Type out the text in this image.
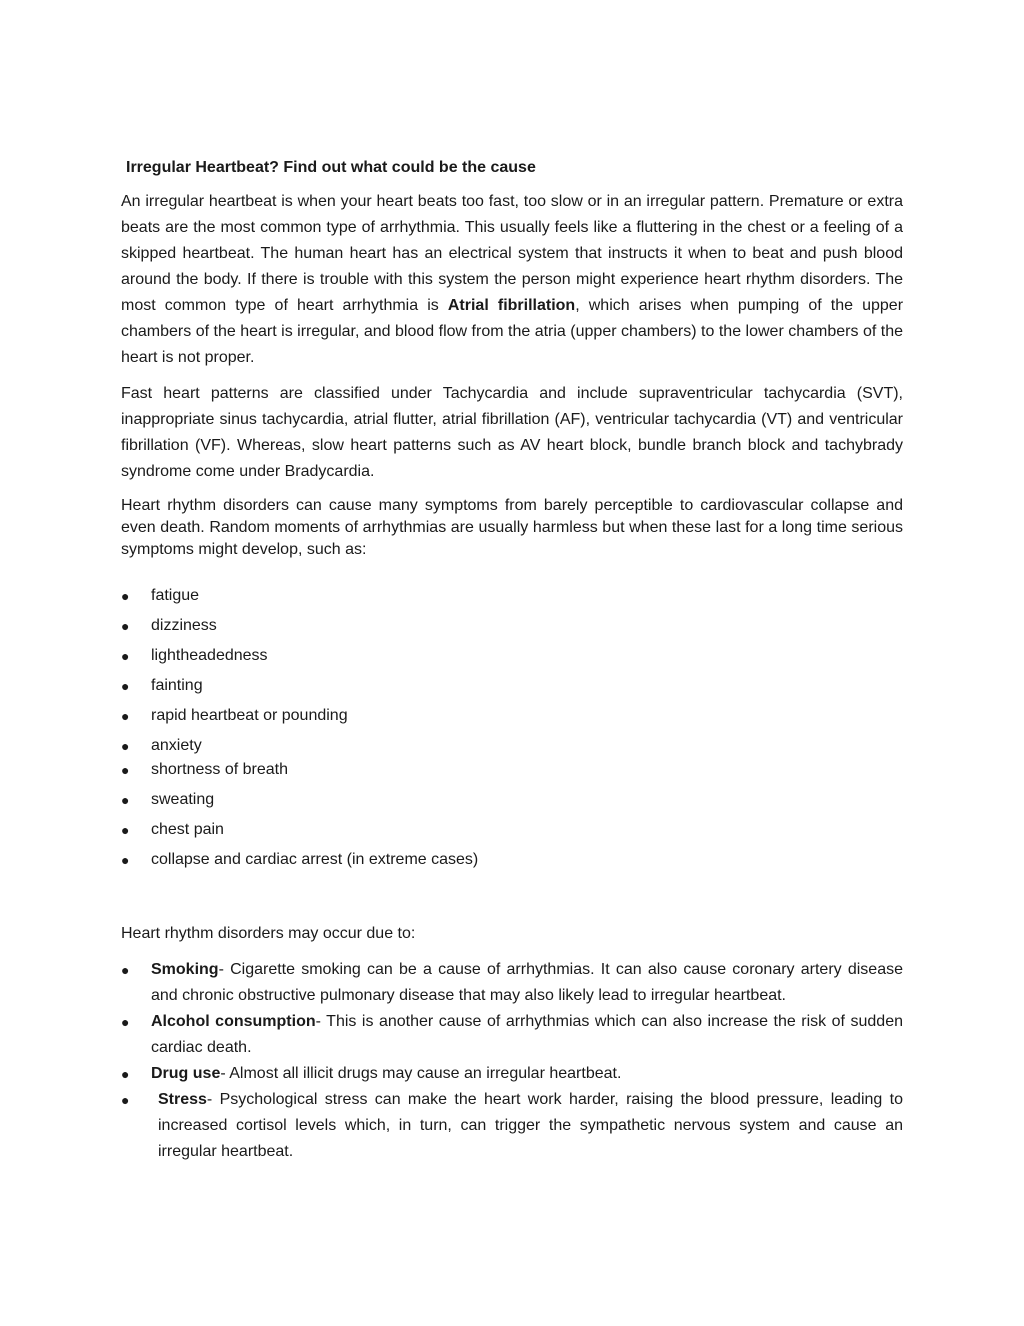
Irregular Heartbeat? Find out what could be the cause

An irregular heartbeat is when your heart beats too fast, too slow or in an irregular pattern. Premature or extra beats are the most common type of arrhythmia. This usually feels like a fluttering in the chest or a feeling of a skipped heartbeat. The human heart has an electrical system that instructs it when to beat and push blood around the body. If there is trouble with this system the person might experience heart rhythm disorders. The most common type of heart arrhythmia is Atrial fibrillation, which arises when pumping of the upper chambers of the heart is irregular, and blood flow from the atria (upper chambers) to the lower chambers of the heart is not proper.

Fast heart patterns are classified under Tachycardia and include supraventricular tachycardia (SVT), inappropriate sinus tachycardia, atrial flutter, atrial fibrillation (AF), ventricular tachycardia (VT) and ventricular fibrillation (VF). Whereas, slow heart patterns such as AV heart block, bundle branch block and tachybrady syndrome come under Bradycardia.

Heart rhythm disorders can cause many symptoms from barely perceptible to cardiovascular collapse and even death. Random moments of arrhythmias are usually harmless but when these last for a long time serious symptoms might develop, such as:

●	fatigue
●	dizziness
●	lightheadedness
●	fainting
●	rapid heartbeat or pounding
●	anxiety
●	shortness of breath
●	sweating
●	chest pain
●	collapse and cardiac arrest (in extreme cases)

Heart rhythm disorders may occur due to:

●	Smoking- Cigarette smoking can be a cause of arrhythmias. It can also cause coronary artery disease and chronic obstructive pulmonary disease that may also likely lead to irregular heartbeat.
●	Alcohol consumption- This is another cause of arrhythmias which can also increase the risk of sudden cardiac death.
●	Drug use- Almost all illicit drugs may cause an irregular heartbeat.
●	Stress- Psychological stress can make the heart work harder, raising the blood pressure, leading to increased cortisol levels which, in turn, can trigger the sympathetic nervous system and cause an irregular heartbeat.
